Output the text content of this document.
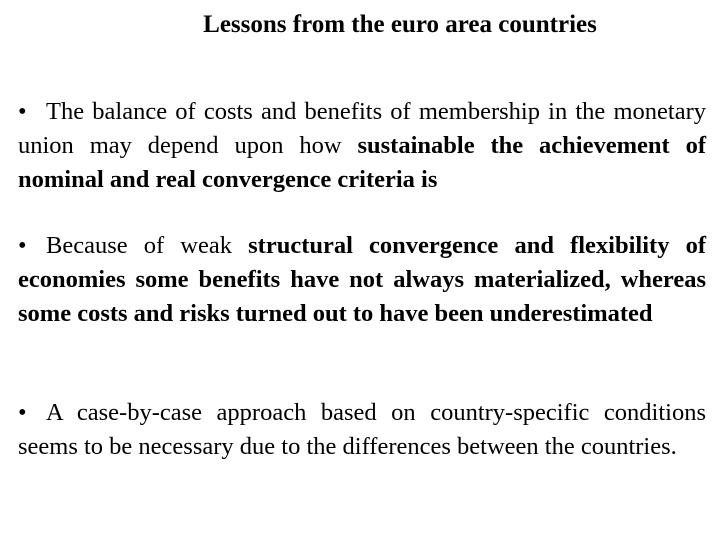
Lessons from the euro area countries

• The balance of costs and benefits of membership in the monetary union may depend upon how sustainable the achievement of nominal and real convergence criteria is

• Because of weak structural convergence and flexibility of economies some benefits have not always materialized, whereas some costs and risks turned out to have been underestimated

• A case-by-case approach based on country-specific conditions seems to be necessary due to the differences between the countries.
